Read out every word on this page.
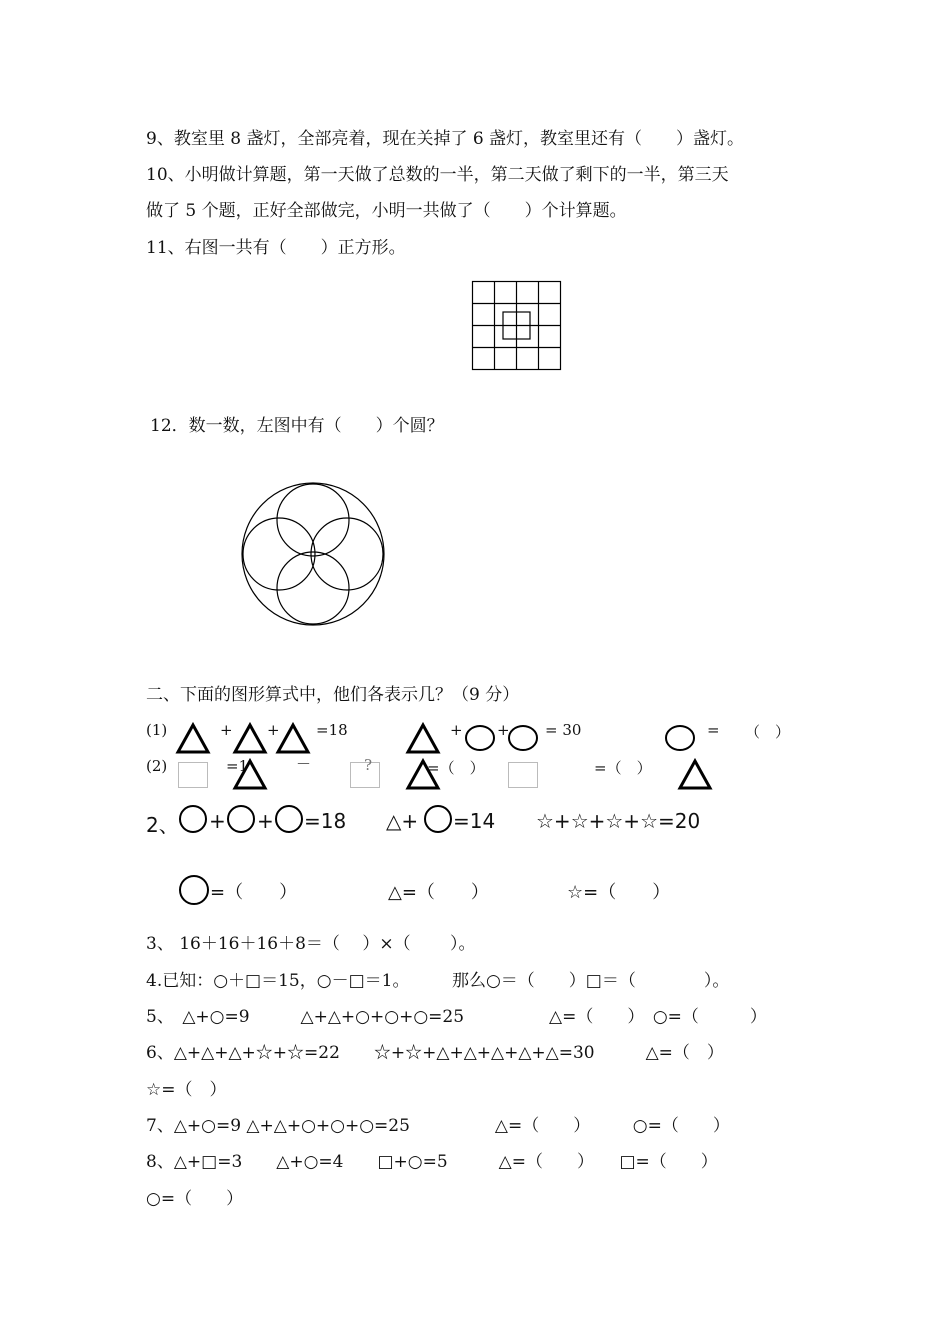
9、教室里 8 盏灯，全部亮着，现在关掉了 6 盏灯，教室里还有（　　）盏灯。
10、小明做计算题，第一天做了总数的一半，第二天做了剩下的一半，第三天
做了 5 个题，正好全部做完，小明一共做了（　　）个计算题。
11、右图一共有（　　）正方形。
12．数一数，左图中有（　　）个圆？
二、下面的图形算式中，他们各表示几？（9 分）
(1)	+ + =18	+ + = 30	= （　）
(2)	=1	－	?	=（　）	=（　）
2、 + + =18 △+ =14 ☆+☆+☆+☆=20
=（　　）	△=（　　）	☆=（　　）
3、 16＋16＋16＋8＝（　 ）×（　　 ）。
4.已知：○＋□＝15，○－□＝1。　　　那么○＝（　　）□＝（　　　　）。
5、　△+○=9　　　△+△+○+○+○=25　　　　　△=（　　）　○=（　　　）
6、△+△+△+☆+☆=22　　☆+☆+△+△+△+△+△=30　　　△=（　）
☆=（　）
7、△+○=9 △+△+○+○+○=25　　　　　△=（　　）　　　○=（　　）
8、△+□=3　　△+○=4　　□+○=5　　　△=（　　）　　□=（　　）
○=（　　）
